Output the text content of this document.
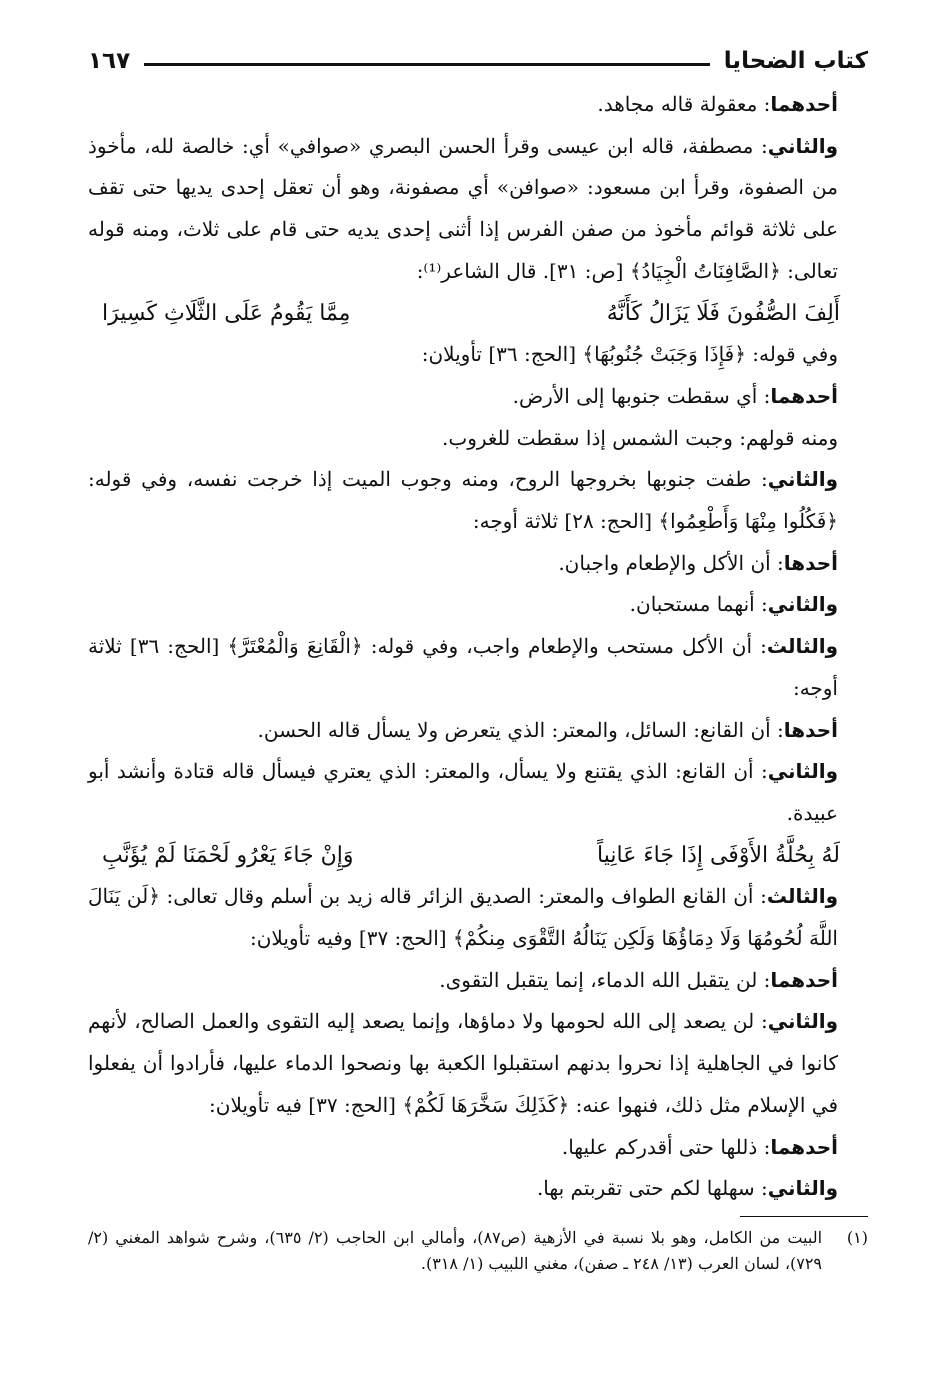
كتاب الضحايا
١٦٧

أحدهما: معقولة قاله مجاهد.

والثاني: مصطفة، قاله ابن عيسى وقرأ الحسن البصري «صوافي» أي: خالصة لله، مأخوذ من الصفوة، وقرأ ابن مسعود: «صوافن» أي مصفونة، وهو أن تعقل إحدى يديها حتى تقف على ثلاثة قوائم مأخوذ من صفن الفرس إذا أثنى إحدى يديه حتى قام على ثلاث، ومنه قوله تعالى: ﴿الصَّافِنَاتُ الْجِيَادُ﴾ [ص: ٣١]. قال الشاعر⁽¹⁾:

أَلِفَ الصُّفُونَ فَلَا يَزَالُ كَأَنَّهُ
مِمَّا يَقُومُ عَلَى الثَّلَاثِ كَسِيرَا

وفي قوله: ﴿فَإِذَا وَجَبَتْ جُنُوبُهَا﴾ [الحج: ٣٦] تأويلان:

أحدهما: أي سقطت جنوبها إلى الأرض.

ومنه قولهم: وجبت الشمس إذا سقطت للغروب.

والثاني: طفت جنوبها بخروجها الروح، ومنه وجوب الميت إذا خرجت نفسه، وفي قوله: ﴿فَكُلُوا مِنْهَا وَأَطْعِمُوا﴾ [الحج: ٢٨] ثلاثة أوجه:

أحدها: أن الأكل والإطعام واجبان.

والثاني: أنهما مستحبان.

والثالث: أن الأكل مستحب والإطعام واجب، وفي قوله: ﴿الْقَانِعَ وَالْمُعْتَرَّ﴾ [الحج: ٣٦] ثلاثة أوجه:

أحدها: أن القانع: السائل، والمعتر: الذي يتعرض ولا يسأل قاله الحسن.

والثاني: أن القانع: الذي يقتنع ولا يسأل، والمعتر: الذي يعتري فيسأل قاله قتادة وأنشد أبو عبيدة.

لَهُ بِحُلَّةُ الأَوْفَى إِذَا جَاءَ عَانِياً
وَإِنْ جَاءَ يَعْرُو لَحْمَنَا لَمْ يُؤَنَّبِ

والثالث: أن القانع الطواف والمعتر: الصديق الزائر قاله زيد بن أسلم وقال تعالى: ﴿لَن يَنَالَ اللَّهَ لُحُومُهَا وَلَا دِمَاؤُهَا وَلَكِن يَنَالُهُ التَّقْوَى مِنكُمْ﴾ [الحج: ٣٧] وفيه تأويلان:

أحدهما: لن يتقبل الله الدماء، إنما يتقبل التقوى.

والثاني: لن يصعد إلى الله لحومها ولا دماؤها، وإنما يصعد إليه التقوى والعمل الصالح، لأنهم كانوا في الجاهلية إذا نحروا بدنهم استقبلوا الكعبة بها ونصحوا الدماء عليها، فأرادوا أن يفعلوا في الإسلام مثل ذلك، فنهوا عنه: ﴿كَذَلِكَ سَخَّرَهَا لَكُمْ﴾ [الحج: ٣٧] فيه تأويلان:

أحدهما: ذللها حتى أقدركم عليها.

والثاني: سهلها لكم حتى تقربتم بها.

(١)
البيت من الكامل، وهو بلا نسبة في الأزهية (ص٨٧)، وأمالي ابن الحاجب (٢/ ٦٣٥)، وشرح شواهد المغني (٢/ ٧٢٩)، لسان العرب (١٣/ ٢٤٨ ـ صفن)، مغني اللبيب (١/ ٣١٨).
